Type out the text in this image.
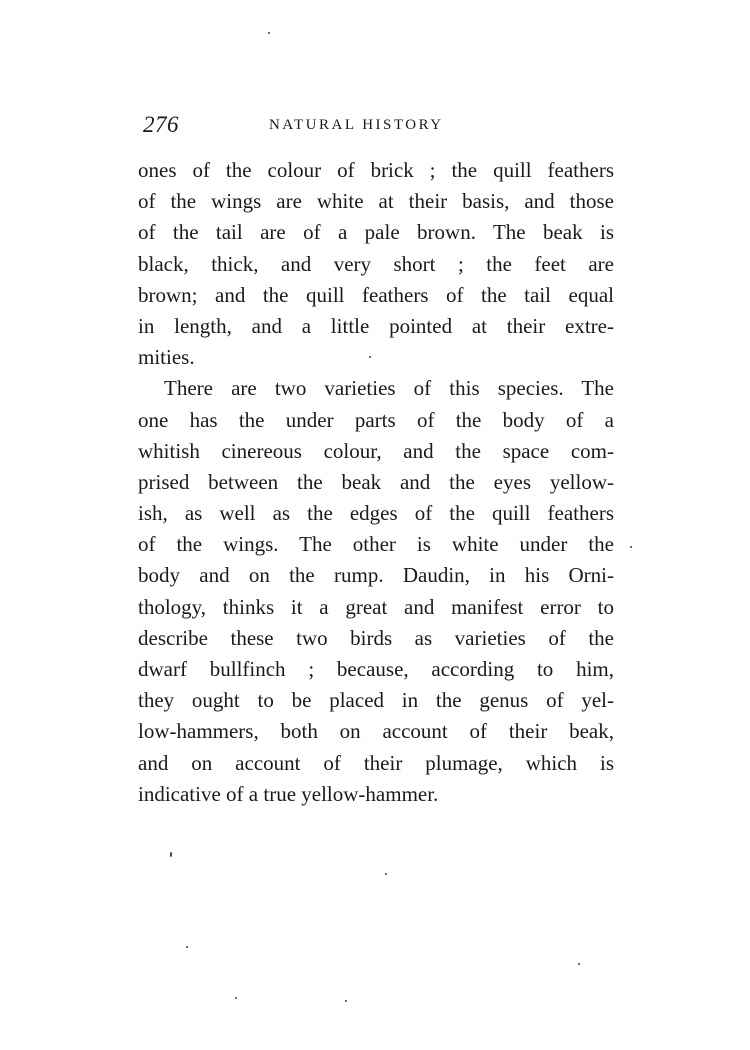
276	NATURAL HISTORY
ones of the colour of brick ; the quill feathers
of the wings are white at their basis, and those
of the tail are of a pale brown. The beak is
black, thick, and very short ; the feet are
brown; and the quill feathers of the tail equal
in length, and a little pointed at their extre-
mities.
There are two varieties of this species. The
one has the under parts of the body of a
whitish cinereous colour, and the space com-
prised between the beak and the eyes yellow-
ish, as well as the edges of the quill feathers
of the wings. The other is white under the
body and on the rump. Daudin, in his Orni-
thology, thinks it a great and manifest error to
describe these two birds as varieties of the
dwarf bullfinch ; because, according to him,
they ought to be placed in the genus of yel-
low-hammers, both on account of their beak,
and on account of their plumage, which is
indicative of a true yellow-hammer.
